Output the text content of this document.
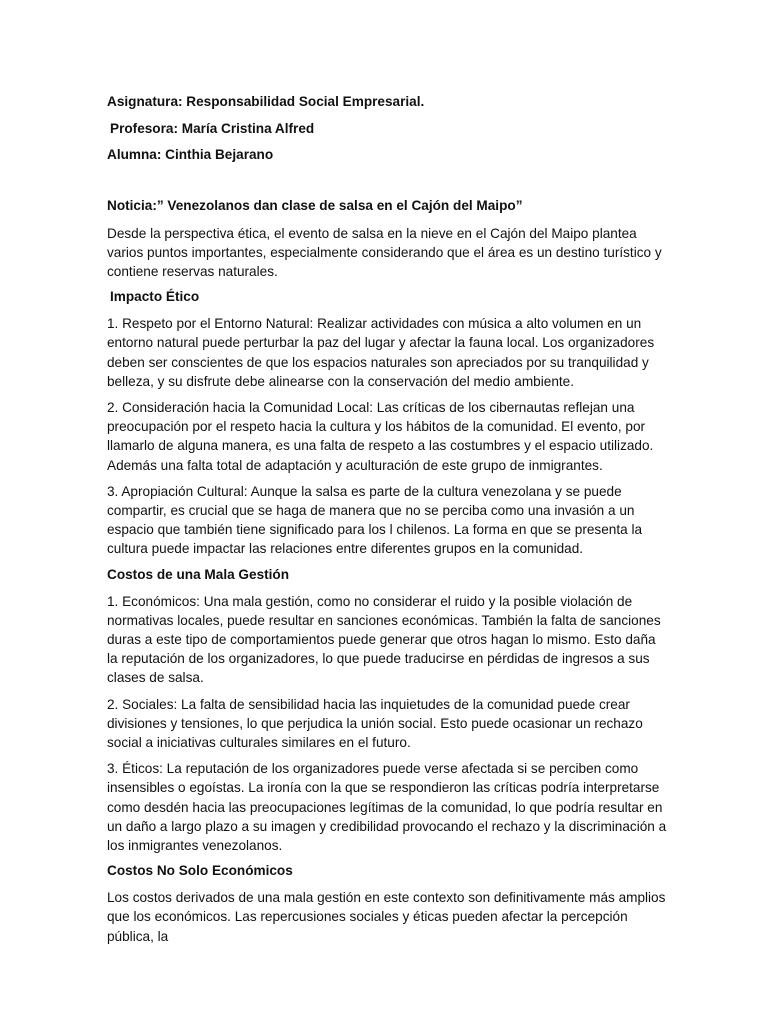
Asignatura: Responsabilidad Social Empresarial.

Profesora: María Cristina Alfred

Alumna: Cinthia Bejarano

Noticia:” Venezolanos dan clase de salsa en el Cajón del Maipo”

Desde la perspectiva ética, el evento de salsa en la nieve en el Cajón del Maipo plantea varios puntos importantes, especialmente considerando que el área es un destino turístico y contiene reservas naturales.

Impacto Ético

1. Respeto por el Entorno Natural: Realizar actividades con música a alto volumen en un entorno natural puede perturbar la paz del lugar y afectar la fauna local. Los organizadores deben ser conscientes de que los espacios naturales son apreciados por su tranquilidad y belleza, y su disfrute debe alinearse con la conservación del medio ambiente.

2. Consideración hacia la Comunidad Local: Las críticas de los cibernautas reflejan una preocupación por el respeto hacia la cultura y los hábitos de la comunidad. El evento, por llamarlo de alguna manera, es una falta de respeto a las costumbres y el espacio utilizado. Además una falta total de adaptación y aculturación de este grupo de inmigrantes.

3. Apropiación Cultural: Aunque la salsa es parte de la cultura venezolana y se puede compartir, es crucial que se haga de manera que no se perciba como una invasión a un espacio que también tiene significado para los l chilenos. La forma en que se presenta la cultura puede impactar las relaciones entre diferentes grupos en la comunidad.

Costos de una Mala Gestión

1. Económicos: Una mala gestión, como no considerar el ruido y la posible violación de normativas locales, puede resultar en sanciones económicas. También la falta de sanciones duras a este tipo de comportamientos puede generar que otros hagan lo mismo. Esto daña la reputación de los organizadores, lo que puede traducirse en pérdidas de ingresos a sus clases de salsa.

2. Sociales: La falta de sensibilidad hacia las inquietudes de la comunidad puede crear divisiones y tensiones, lo que perjudica la unión social. Esto puede ocasionar un rechazo social a iniciativas culturales similares en el futuro.

3. Éticos: La reputación de los organizadores puede verse afectada si se perciben como insensibles o egoístas. La ironía con la que se respondieron las críticas podría interpretarse como desdén hacia las preocupaciones legítimas de la comunidad, lo que podría resultar en un daño a largo plazo a su imagen y credibilidad provocando el rechazo y la discriminación a los inmigrantes venezolanos.

Costos No Solo Económicos

Los costos derivados de una mala gestión en este contexto son definitivamente más amplios que los económicos. Las repercusiones sociales y éticas pueden afectar la percepción pública, la
